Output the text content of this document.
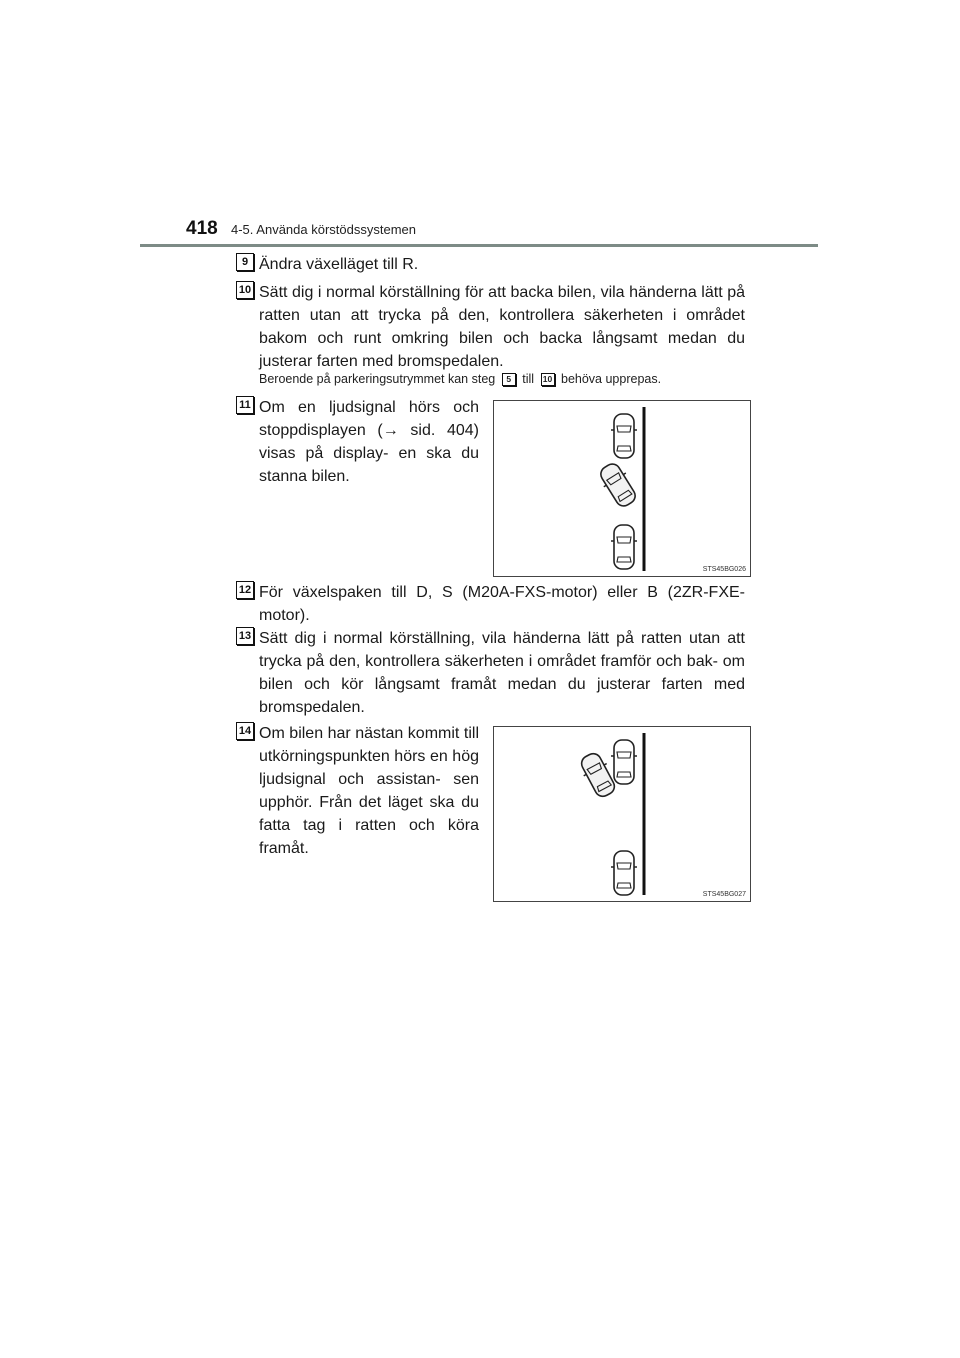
418 4-5. Använda körstödssystemen
9 Ändra växelläget till R.
10 Sätt dig i normal körställning för att backa bilen, vila händerna lätt på ratten utan att trycka på den, kontrollera säkerheten i området bakom och runt omkring bilen och backa långsamt medan du justerar farten med bromspedalen.
Beroende på parkeringsutrymmet kan steg 5 till 10 behöva upprepas.
11 Om en ljudsignal hörs och stoppdisplayen (→ sid. 404) visas på display- en ska du stanna bilen.
STS45BG026
12 För växelspaken till D, S (M20A-FXS-motor) eller B (2ZR-FXE-motor).
13 Sätt dig i normal körställning, vila händerna lätt på ratten utan att trycka på den, kontrollera säkerheten i området framför och bak- om bilen och kör långsamt framåt medan du justerar farten med bromspedalen.
14 Om bilen har nästan kommit till utkörningspunkten hörs en hög ljudsignal och assistan- sen upphör. Från det läget ska du fatta tag i ratten och köra framåt.
STS45BG027
